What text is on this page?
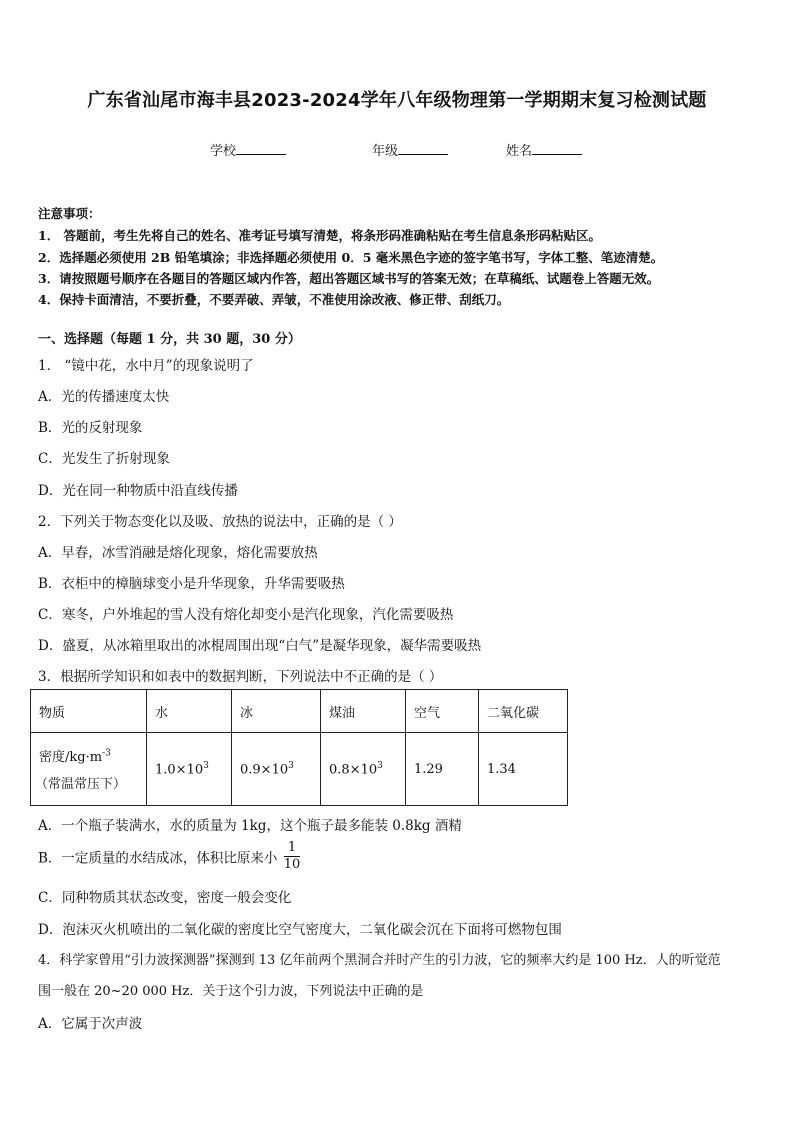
广东省汕尾市海丰县2023-2024学年八年级物理第一学期期末复习检测试题
学校	年级	姓名
注意事项：
1． 答题前，考生先将自己的姓名、准考证号填写清楚，将条形码准确粘贴在考生信息条形码粘贴区。
2．选择题必须使用 2B 铅笔填涂；非选择题必须使用 0．5 毫米黑色字迹的签字笔书写，字体工整、笔迹清楚。
3．请按照题号顺序在各题目的答题区域内作答，超出答题区域书写的答案无效；在草稿纸、试题卷上答题无效。
4．保持卡面清洁，不要折叠，不要弄破、弄皱，不准使用涂改液、修正带、刮纸刀。
一、选择题（每题 1 分，共 30 题，30 分）
1． “镜中花，水中月”的现象说明了
A．光的传播速度太快
B．光的反射现象
C．光发生了折射现象
D．光在同一种物质中沿直线传播
2．下列关于物态变化以及吸、放热的说法中，正确的是（ ）
A．早春，冰雪消融是熔化现象，熔化需要放热
B．衣柜中的樟脑球变小是升华现象，升华需要吸热
C．寒冬，户外堆起的雪人没有熔化却变小是汽化现象，汽化需要吸热
D．盛夏，从冰箱里取出的冰棍周围出现“白气”是凝华现象，凝华需要吸热
3．根据所学知识和如表中的数据判断，下列说法中不正确的是（ ）
物质	水	冰	煤油	空气	二氧化碳

密度$/kg\cdot m^{-3}$
（常温常压下）	$1.0\times 10^3$	$0.9\times 10^3$	$0.8\times 10^3$	1.29	1.34
A．一个瓶子装满水，水的质量为 1kg，这个瓶子最多能装 0.8kg 酒精
B．一定质量的水结成冰，体积比原来小 $\frac{1}{10}$
C．同种物质其状态改变，密度一般会变化
D．泡沫灭火机喷出的二氧化碳的密度比空气密度大，二氧化碳会沉在下面将可燃物包围
4．科学家曾用“引力波探测器”探测到 13 亿年前两个黑洞合并时产生的引力波，它的频率大约是 100 Hz．人的听觉范
围一般在 20~20 000 Hz．关于这个引力波，下列说法中正确的是
A．它属于次声波
